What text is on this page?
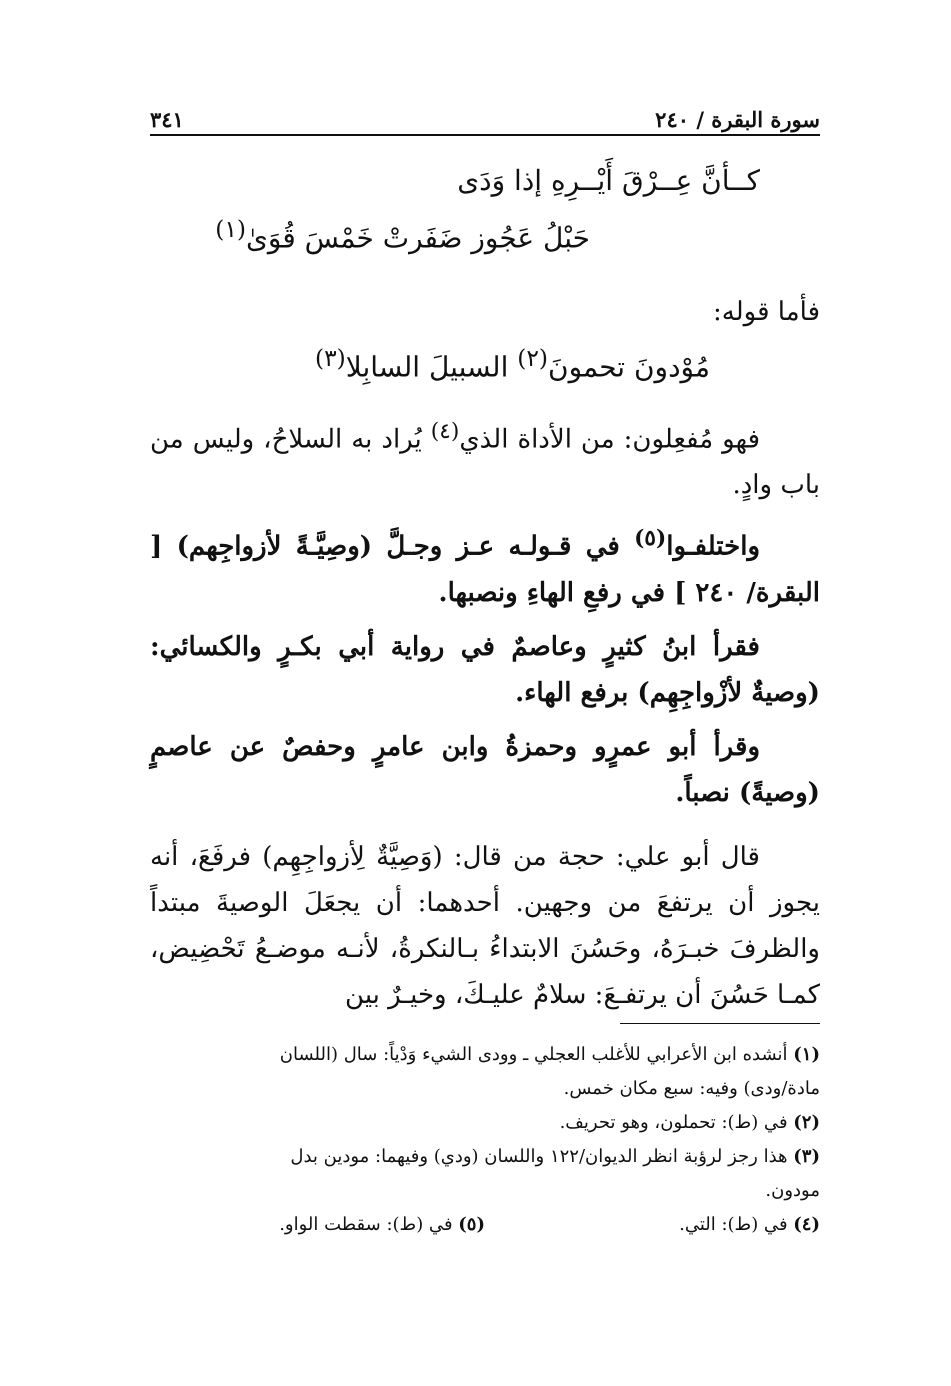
سورة البقرة / ٢٤٠
٣٤١
كــأنَّ عِــرْقَ أَيْــرِهِ إذا وَدَى
حَبْلُ عَجُوز ضَفَرتْ خَمْسَ قُوَىٰ$^{(١)}$

فأما قوله:

مُوْدونَ تحمونَ$^{(٢)}$ السبيلَ السابِلا$^{(٣)}$

فهو مُفعِلون: من الأداة الذي$^{(٤)}$ يُراد به السلاحُ، وليس من باب وادٍ.

واختلفـوا$^{(٥)}$ في قـولـه عـز وجـلَّ (وصِيَّـةً لأزواجِهم) [ البقرة/ ٢٤٠ ] في رفعِ الهاءِ ونصبها.

فقرأ ابنُ كثيرٍ وعاصمٌ في رواية أبي بكـرٍ والكسائي: (وصيةٌ لأزْواجِهِم) برفع الهاء.

وقرأ أبو عمرٍو وحمزةُ وابن عامرٍ وحفصٌ عن عاصمٍ (وصيةً) نصباً.

قال أبو علي: حجة من قال: (وَصِيَّةٌ لِأزواجِهِم) فرفَعَ، أنه يجوز أن يرتفعَ من وجهين. أحدهما: أن يجعَلَ الوصيةَ مبتداً والظرفَ خبـرَهُ، وحَسُنَ الابتداءُ بـالنكرةُ، لأنـه موضـعُ تَحْضِيض، كمـا حَسُنَ أن يرتفـعَ: سلامٌ عليـكَ، وخيـرٌ بين

(١) أنشده ابن الأعرابي للأغلب العجلي ـ وودى الشيء وَدْياً: سال (اللسان
مادة/ودى) وفيه: سبع مكان خمس.
(٢) في (ط): تحملون، وهو تحريف.
(٣) هذا رجز لرؤبة انظر الديوان/١٢٢ واللسان (ودي) وفيهما: مودين بدل
مودون.
(٤) في (ط): التي.
(٥) في (ط): سقطت الواو.
